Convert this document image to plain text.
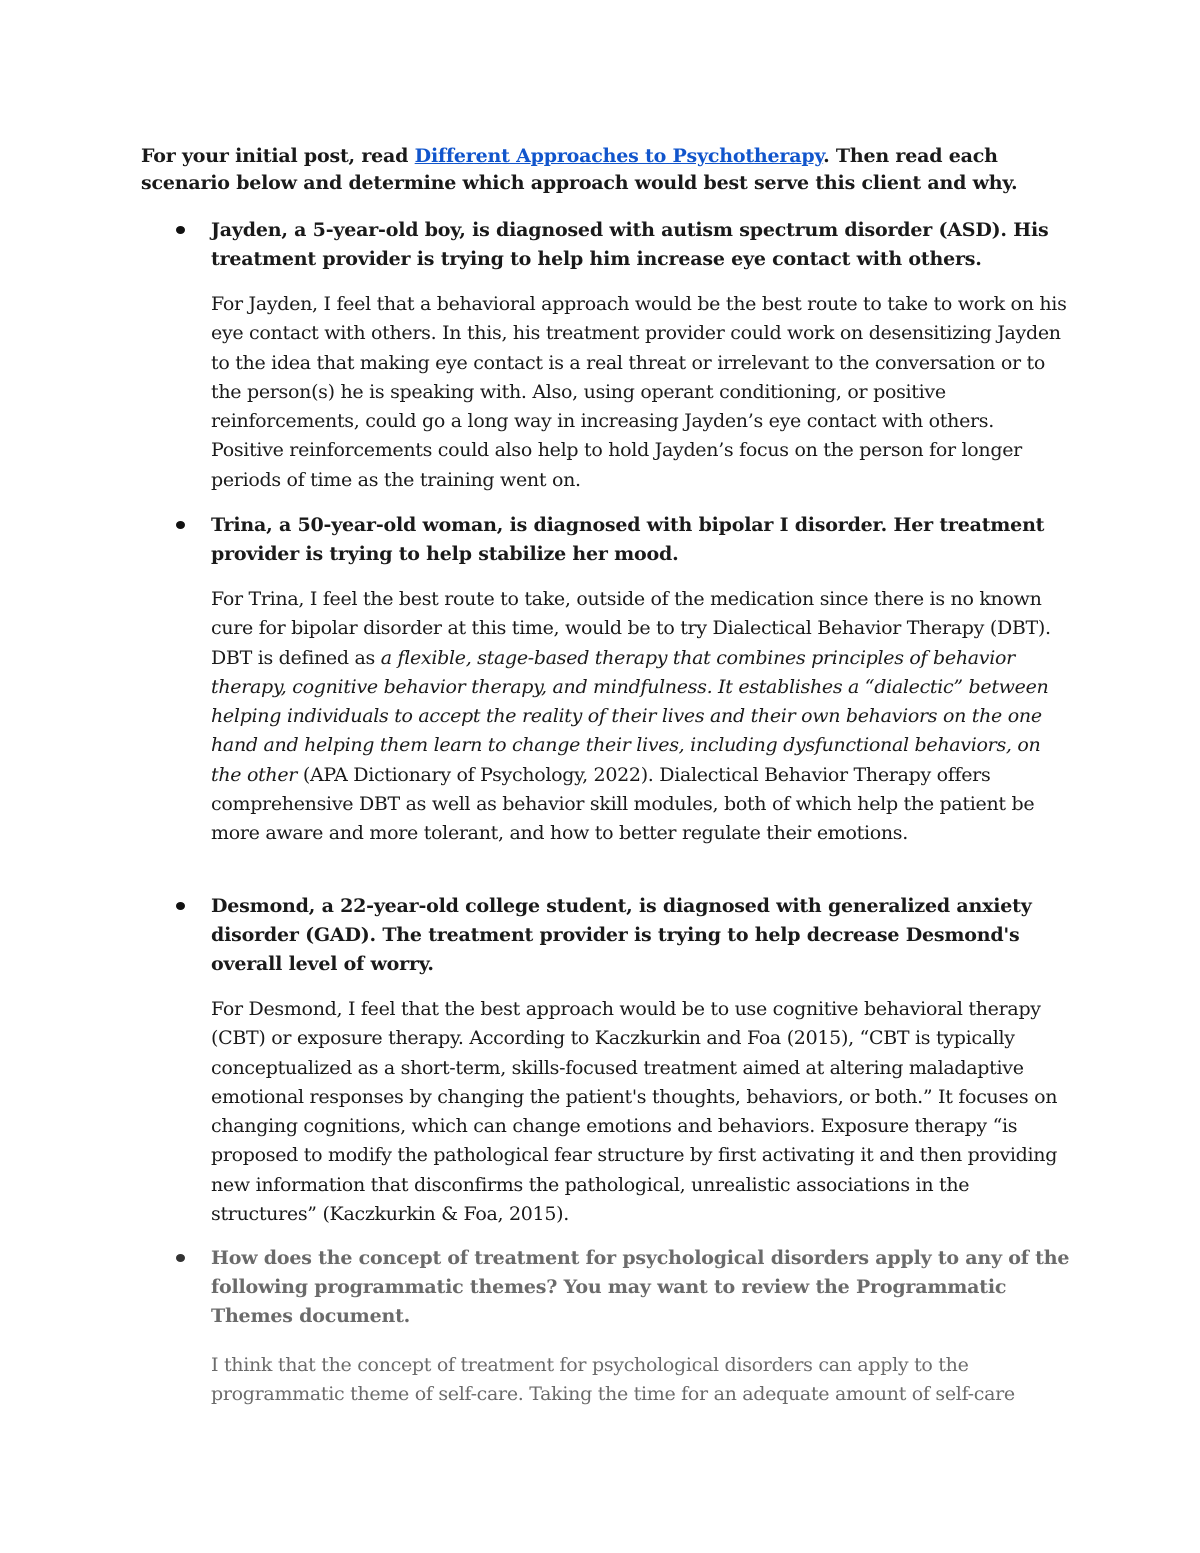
For your initial post, read Different Approaches to Psychotherapy. Then read each scenario below and determine which approach would best serve this client and why.
Jayden, a 5-year-old boy, is diagnosed with autism spectrum disorder (ASD). His treatment provider is trying to help him increase eye contact with others.
For Jayden, I feel that a behavioral approach would be the best route to take to work on his eye contact with others. In this, his treatment provider could work on desensitizing Jayden to the idea that making eye contact is a real threat or irrelevant to the conversation or to the person(s) he is speaking with. Also, using operant conditioning, or positive reinforcements, could go a long way in increasing Jayden’s eye contact with others. Positive reinforcements could also help to hold Jayden’s focus on the person for longer periods of time as the training went on.
Trina, a 50-year-old woman, is diagnosed with bipolar I disorder. Her treatment provider is trying to help stabilize her mood.
For Trina, I feel the best route to take, outside of the medication since there is no known cure for bipolar disorder at this time, would be to try Dialectical Behavior Therapy (DBT). DBT is defined as a flexible, stage-based therapy that combines principles of behavior therapy, cognitive behavior therapy, and mindfulness. It establishes a “dialectic” between helping individuals to accept the reality of their lives and their own behaviors on the one hand and helping them learn to change their lives, including dysfunctional behaviors, on the other (APA Dictionary of Psychology, 2022). Dialectical Behavior Therapy offers comprehensive DBT as well as behavior skill modules, both of which help the patient be more aware and more tolerant, and how to better regulate their emotions.
Desmond, a 22-year-old college student, is diagnosed with generalized anxiety disorder (GAD). The treatment provider is trying to help decrease Desmond's overall level of worry.
For Desmond, I feel that the best approach would be to use cognitive behavioral therapy (CBT) or exposure therapy. According to Kaczkurkin and Foa (2015), “CBT is typically conceptualized as a short-term, skills-focused treatment aimed at altering maladaptive emotional responses by changing the patient's thoughts, behaviors, or both.” It focuses on changing cognitions, which can change emotions and behaviors. Exposure therapy “is proposed to modify the pathological fear structure by first activating it and then providing new information that disconfirms the pathological, unrealistic associations in the structures” (Kaczkurkin & Foa, 2015).
How does the concept of treatment for psychological disorders apply to any of the following programmatic themes? You may want to review the Programmatic Themes document.
I think that the concept of treatment for psychological disorders can apply to the programmatic theme of self-care. Taking the time for an adequate amount of self-care
